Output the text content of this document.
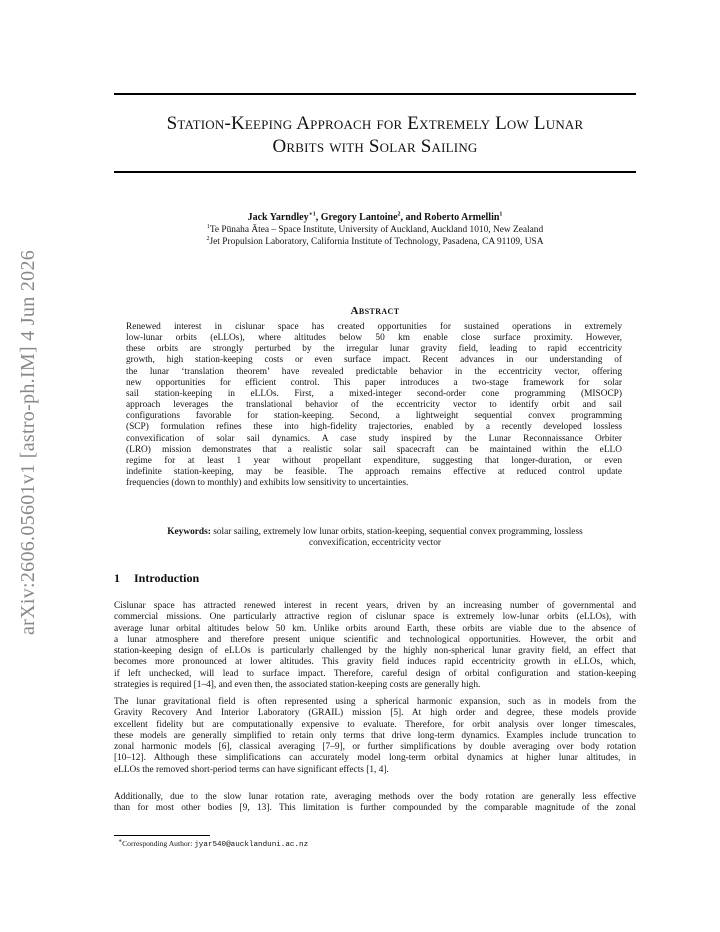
arXiv:2606.05601v1 [astro-ph.IM] 4 Jun 2026
Station-Keeping Approach for Extremely Low Lunar
Orbits with Solar Sailing
Jack Yarndley$^{∗1}$, Gregory Lantoine$^2$, and Roberto Armellin$^1$
$^1$Te Pūnaha Ātea – Space Institute, University of Auckland, Auckland 1010, New Zealand
$^2$Jet Propulsion Laboratory, California Institute of Technology, Pasadena, CA 91109, USA
Abstract
Renewed interest in cislunar space has created opportunities for sustained operations in extremely
low-lunar orbits (eLLOs), where altitudes below 50 km enable close surface proximity. However,
these orbits are strongly perturbed by the irregular lunar gravity field, leading to rapid eccentricity
growth, high station-keeping costs or even surface impact. Recent advances in our understanding of
the lunar ‘translation theorem’ have revealed predictable behavior in the eccentricity vector, offering
new opportunities for efficient control. This paper introduces a two-stage framework for solar
sail station-keeping in eLLOs. First, a mixed-integer second-order cone programming (MISOCP)
approach leverages the translational behavior of the eccentricity vector to identify orbit and sail
configurations favorable for station-keeping. Second, a lightweight sequential convex programming
(SCP) formulation refines these into high-fidelity trajectories, enabled by a recently developed lossless
convexification of solar sail dynamics. A case study inspired by the Lunar Reconnaissance Orbiter
(LRO) mission demonstrates that a realistic solar sail spacecraft can be maintained within the eLLO
regime for at least 1 year without propellant expenditure, suggesting that longer-duration, or even
indefinite station-keeping, may be feasible. The approach remains effective at reduced control update
frequencies (down to monthly) and exhibits low sensitivity to uncertainties.
Keywords: solar sailing, extremely low lunar orbits, station-keeping, sequential convex programming, lossless
convexification, eccentricity vector
1 Introduction
Cislunar space has attracted renewed interest in recent years, driven by an increasing number of governmental and
commercial missions. One particularly attractive region of cislunar space is extremely low-lunar orbits (eLLOs), with
average lunar orbital altitudes below 50 km. Unlike orbits around Earth, these orbits are viable due to the absence of
a lunar atmosphere and therefore present unique scientific and technological opportunities. However, the orbit and
station-keeping design of eLLOs is particularly challenged by the highly non-spherical lunar gravity field, an effect that
becomes more pronounced at lower altitudes. This gravity field induces rapid eccentricity growth in eLLOs, which,
if left unchecked, will lead to surface impact. Therefore, careful design of orbital configuration and station-keeping
strategies is required [1–4], and even then, the associated station-keeping costs are generally high.
The lunar gravitational field is often represented using a spherical harmonic expansion, such as in models from the
Gravity Recovery And Interior Laboratory (GRAIL) mission [5]. At high order and degree, these models provide
excellent fidelity but are computationally expensive to evaluate. Therefore, for orbit analysis over longer timescales,
these models are generally simplified to retain only terms that drive long-term dynamics. Examples include truncation to
zonal harmonic models [6], classical averaging [7–9], or further simplifications by double averaging over body rotation
[10–12]. Although these simplifications can accurately model long-term orbital dynamics at higher lunar altitudes, in
eLLOs the removed short-period terms can have significant effects [1, 4].
Additionally, due to the slow lunar rotation rate, averaging methods over the body rotation are generally less effective
than for most other bodies [9, 13]. This limitation is further compounded by the comparable magnitude of the zonal
∗Corresponding Author: jyar540@aucklanduni.ac.nz
